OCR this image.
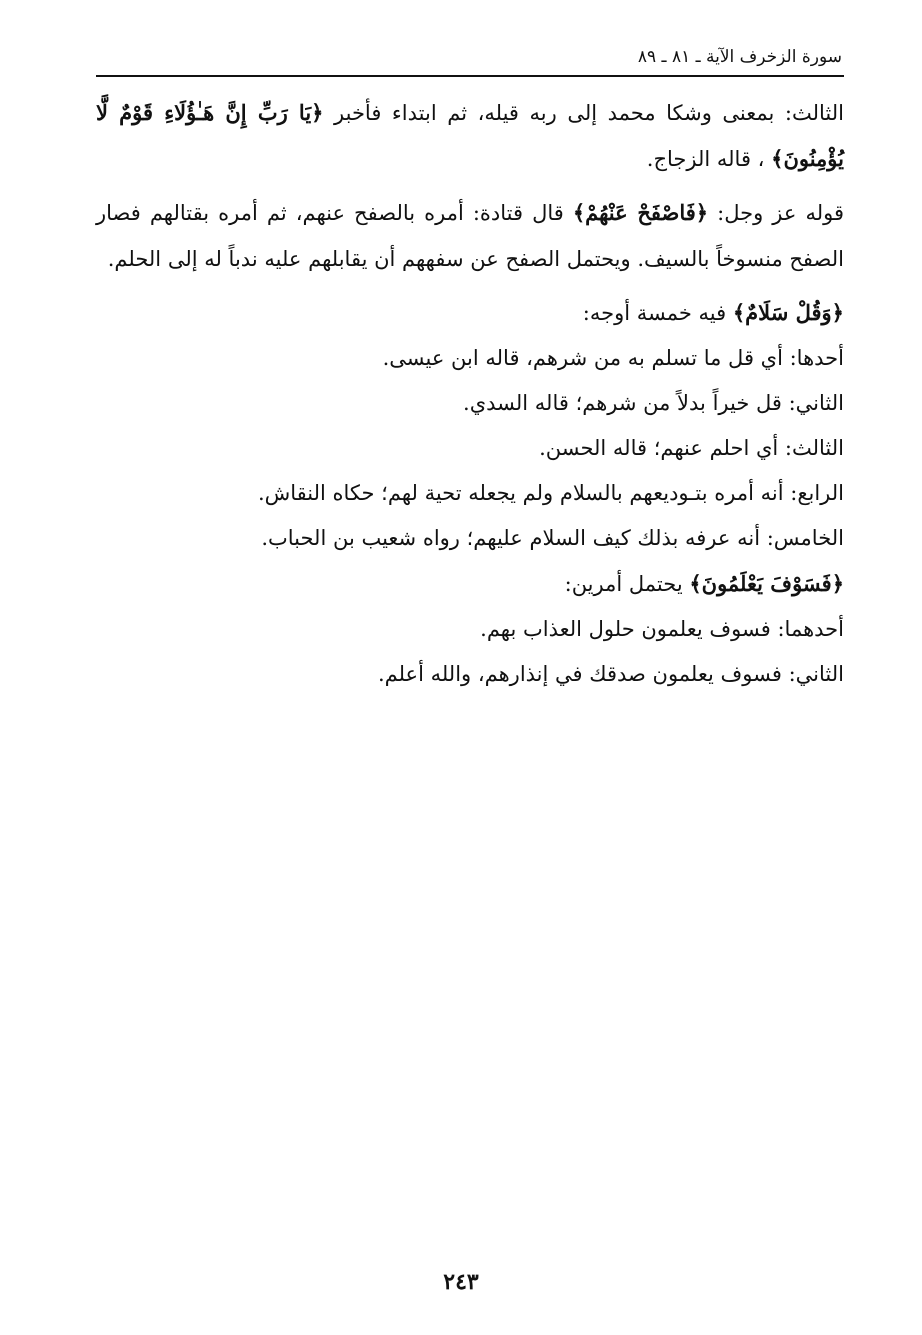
سورة الزخرف الآية ـ ٨١ ـ ٨٩

الثالث: بمعنى وشكا محمد إلى ربه قيله، ثم ابتداء فأخبر ﴿يَا رَبِّ إِنَّ هَـٰؤُلَاءِ قَوْمٌ لَّا يُؤْمِنُونَ﴾ ، قاله الزجاج.

قوله عز وجل: ﴿فَاصْفَحْ عَنْهُمْ﴾ قال قتادة: أمره بالصفح عنهم، ثم أمره بقتالهم فصار الصفح منسوخاً بالسيف. ويحتمل الصفح عن سفههم أن يقابلهم عليه ندباً له إلى الحلم.

﴿وَقُلْ سَلَامٌ﴾ فيه خمسة أوجه:

أحدها: أي قل ما تسلم به من شرهم، قاله ابن عيسى.

الثاني: قل خيراً بدلاً من شرهم؛ قاله السدي.

الثالث: أي احلم عنهم؛ قاله الحسن.

الرابع: أنه أمره بتـوديعهم بالسلام ولم يجعله تحية لهم؛ حكاه النقاش.

الخامس: أنه عرفه بذلك كيف السلام عليهم؛ رواه شعيب بن الحباب.

﴿فَسَوْفَ يَعْلَمُونَ﴾ يحتمل أمرين:

أحدهما: فسوف يعلمون حلول العذاب بهم.

الثاني: فسوف يعلمون صدقك في إنذارهم، والله أعلم.

٢٤٣
